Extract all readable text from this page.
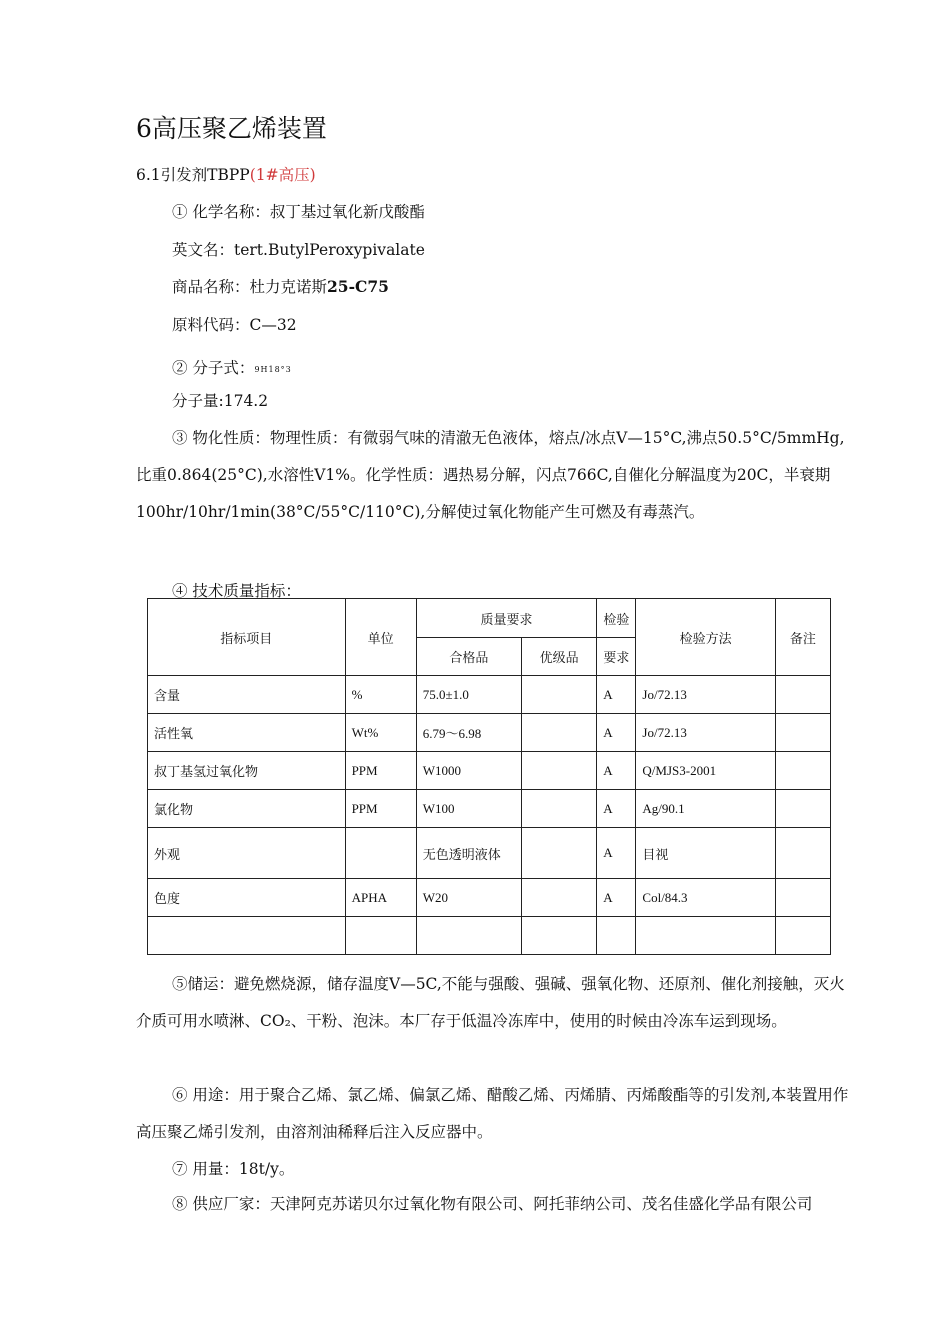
6高压聚乙烯装置
6.1引发剂TBPP(1#高压)
① 化学名称：叔丁基过氧化新戊酸酯
英文名：tert.ButylPeroxypivalate
商品名称：杜力克诺斯25-C75
原料代码：C—32
② 分子式：9H18°3
分子量:174.2
③ 物化性质：物理性质：有微弱气味的清澈无色液体，熔点/冰点V—15°C,沸点50.5°C/5mmHg,比重0.864(25°C),水溶性V1%。化学性质：遇热易分解，闪点766C,自催化分解温度为20C，半衰期100hr/10hr/1min(38°C/55°C/110°C),分解使过氧化物能产生可燃及有毒蒸汽。
④ 技术质量指标：
指标项目	单位	质量要求		检验	检验方法	备注
		合格品	优级品	要求		
含量	%	75.0±1.0		A	Jo/72.13	
活性氧	Wt%	6.79〜6.98		A	Jo/72.13	
叔丁基氢过氧化物	PPM	W1000		A	Q/MJS3-2001	
氯化物	PPM	W100		A	Ag/90.1	
外观		无色透明液体		A	目视	
色度	APHA	W20		A	Col/84.3	

⑤储运：避免燃烧源，储存温度V—5C,不能与强酸、强碱、强氧化物、还原剂、催化剂接触，灭火介质可用水喷淋、CO₂、干粉、泡沫。本厂存于低温冷冻库中，使用的时候由冷冻车运到现场。
⑥ 用途：用于聚合乙烯、氯乙烯、偏氯乙烯、醋酸乙烯、丙烯腈、丙烯酸酯等的引发剂,本装置用作高压聚乙烯引发剂，由溶剂油稀释后注入反应器中。
⑦ 用量：18t/y。
⑧ 供应厂家：天津阿克苏诺贝尔过氧化物有限公司、阿托菲纳公司、茂名佳盛化学品有限公司
